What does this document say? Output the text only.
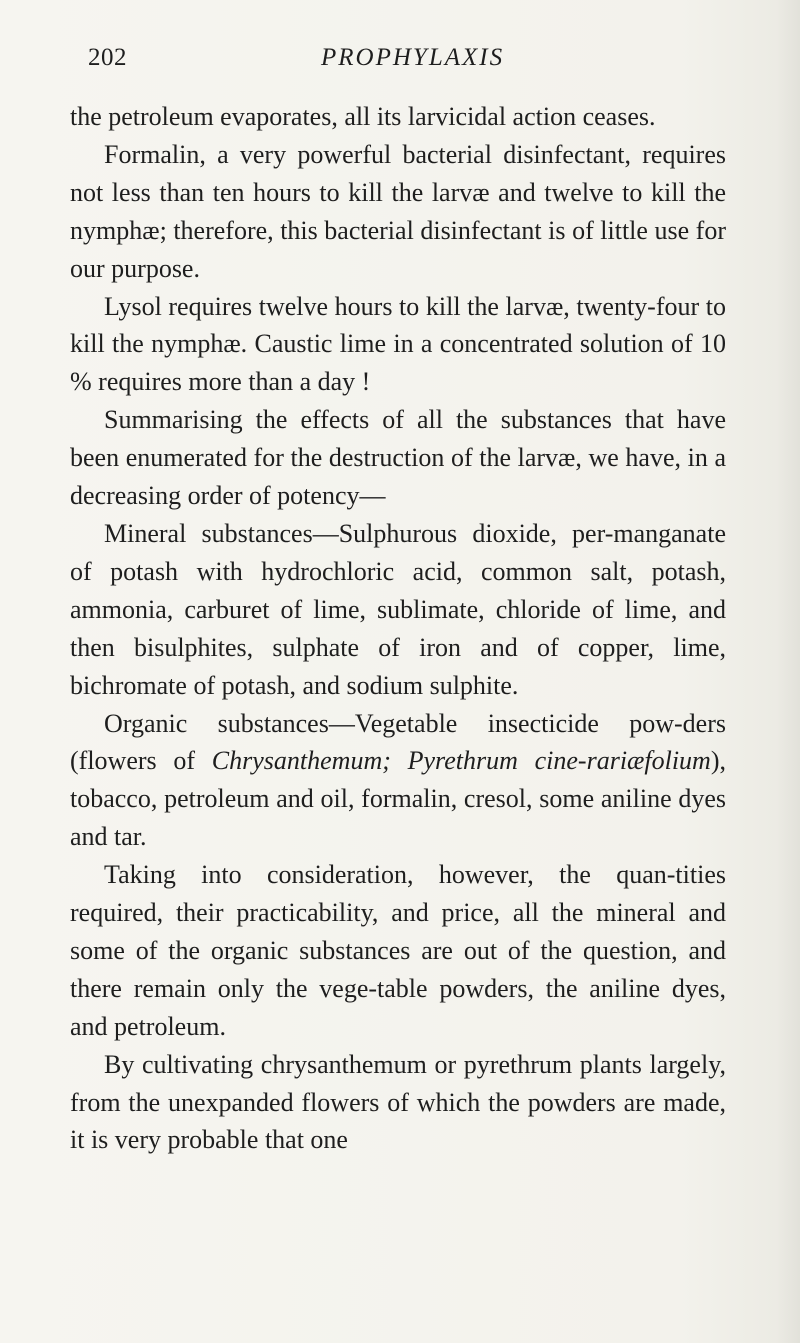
202	PROPHYLAXIS

the petroleum evaporates, all its larvicidal action ceases.

Formalin, a very powerful bacterial disinfectant, requires not less than ten hours to kill the larvæ and twelve to kill the nymphæ; therefore, this bacterial disinfectant is of little use for our purpose.

Lysol requires twelve hours to kill the larvæ, twenty-four to kill the nymphæ. Caustic lime in a concentrated solution of 10 % requires more than a day !

Summarising the effects of all the substances that have been enumerated for the destruction of the larvæ, we have, in a decreasing order of potency—

Mineral substances—Sulphurous dioxide, per-manganate of potash with hydrochloric acid, common salt, potash, ammonia, carburet of lime, sublimate, chloride of lime, and then bisulphites, sulphate of iron and of copper, lime, bichromate of potash, and sodium sulphite.

Organic substances—Vegetable insecticide pow-ders (flowers of Chrysanthemum; Pyrethrum cine-rariæfolium), tobacco, petroleum and oil, formalin, cresol, some aniline dyes and tar.

Taking into consideration, however, the quan-tities required, their practicability, and price, all the mineral and some of the organic substances are out of the question, and there remain only the vege-table powders, the aniline dyes, and petroleum.

By cultivating chrysanthemum or pyrethrum plants largely, from the unexpanded flowers of which the powders are made, it is very probable that one
